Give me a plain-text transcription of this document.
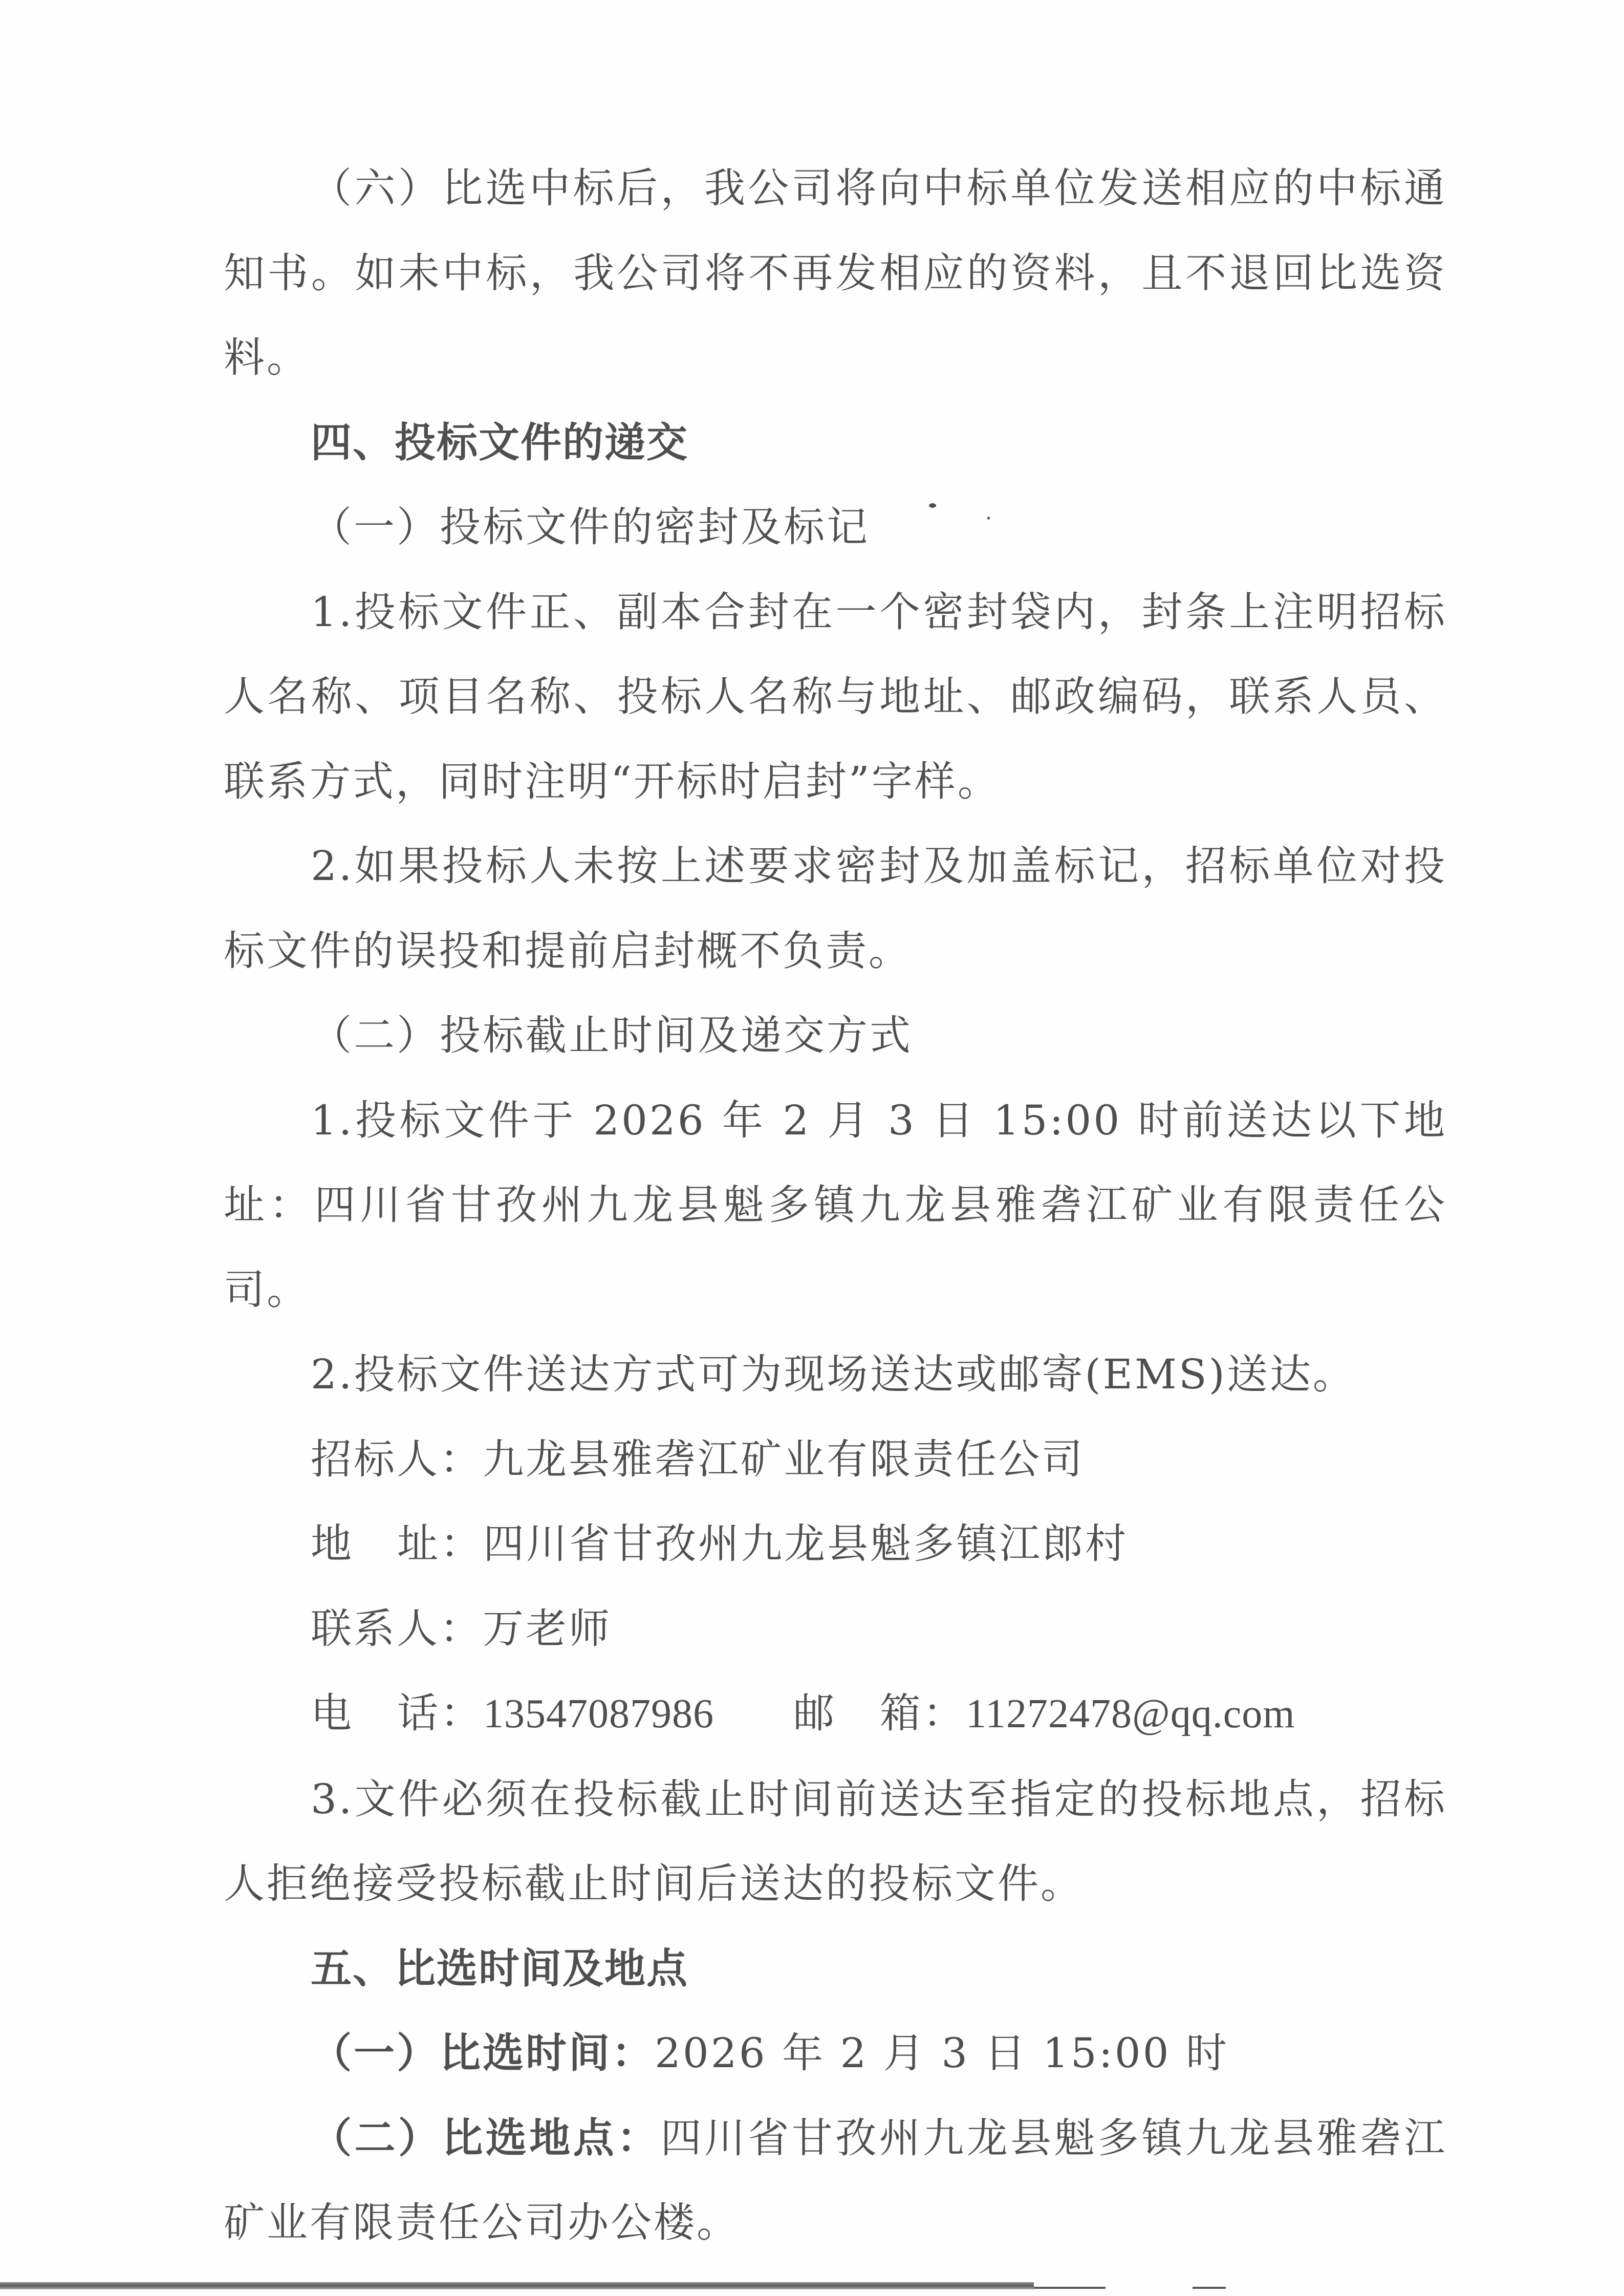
（六）比选中标后，我公司将向中标单位发送相应的中标通知书。如未中标，我公司将不再发相应的资料，且不退回比选资料。

四、投标文件的递交

（一）投标文件的密封及标记

1.投标文件正、副本合封在一个密封袋内，封条上注明招标人名称、项目名称、投标人名称与地址、邮政编码，联系人员、联系方式，同时注明“开标时启封”字样。

2.如果投标人未按上述要求密封及加盖标记，招标单位对投标文件的误投和提前启封概不负责。

（二）投标截止时间及递交方式

1.投标文件于 2026 年 2 月 3 日 15:00 时前送达以下地址：四川省甘孜州九龙县魁多镇九龙县雅砻江矿业有限责任公司。

2.投标文件送达方式可为现场送达或邮寄(EMS)送达。

招标人：九龙县雅砻江矿业有限责任公司

地 址：四川省甘孜州九龙县魁多镇江郎村

联系人：万老师

电 话：13547087986 邮 箱：11272478@qq.com

3.文件必须在投标截止时间前送达至指定的投标地点，招标人拒绝接受投标截止时间后送达的投标文件。

五、比选时间及地点

（一）比选时间：2026 年 2 月 3 日 15:00 时

（二）比选地点：四川省甘孜州九龙县魁多镇九龙县雅砻江矿业有限责任公司办公楼。
